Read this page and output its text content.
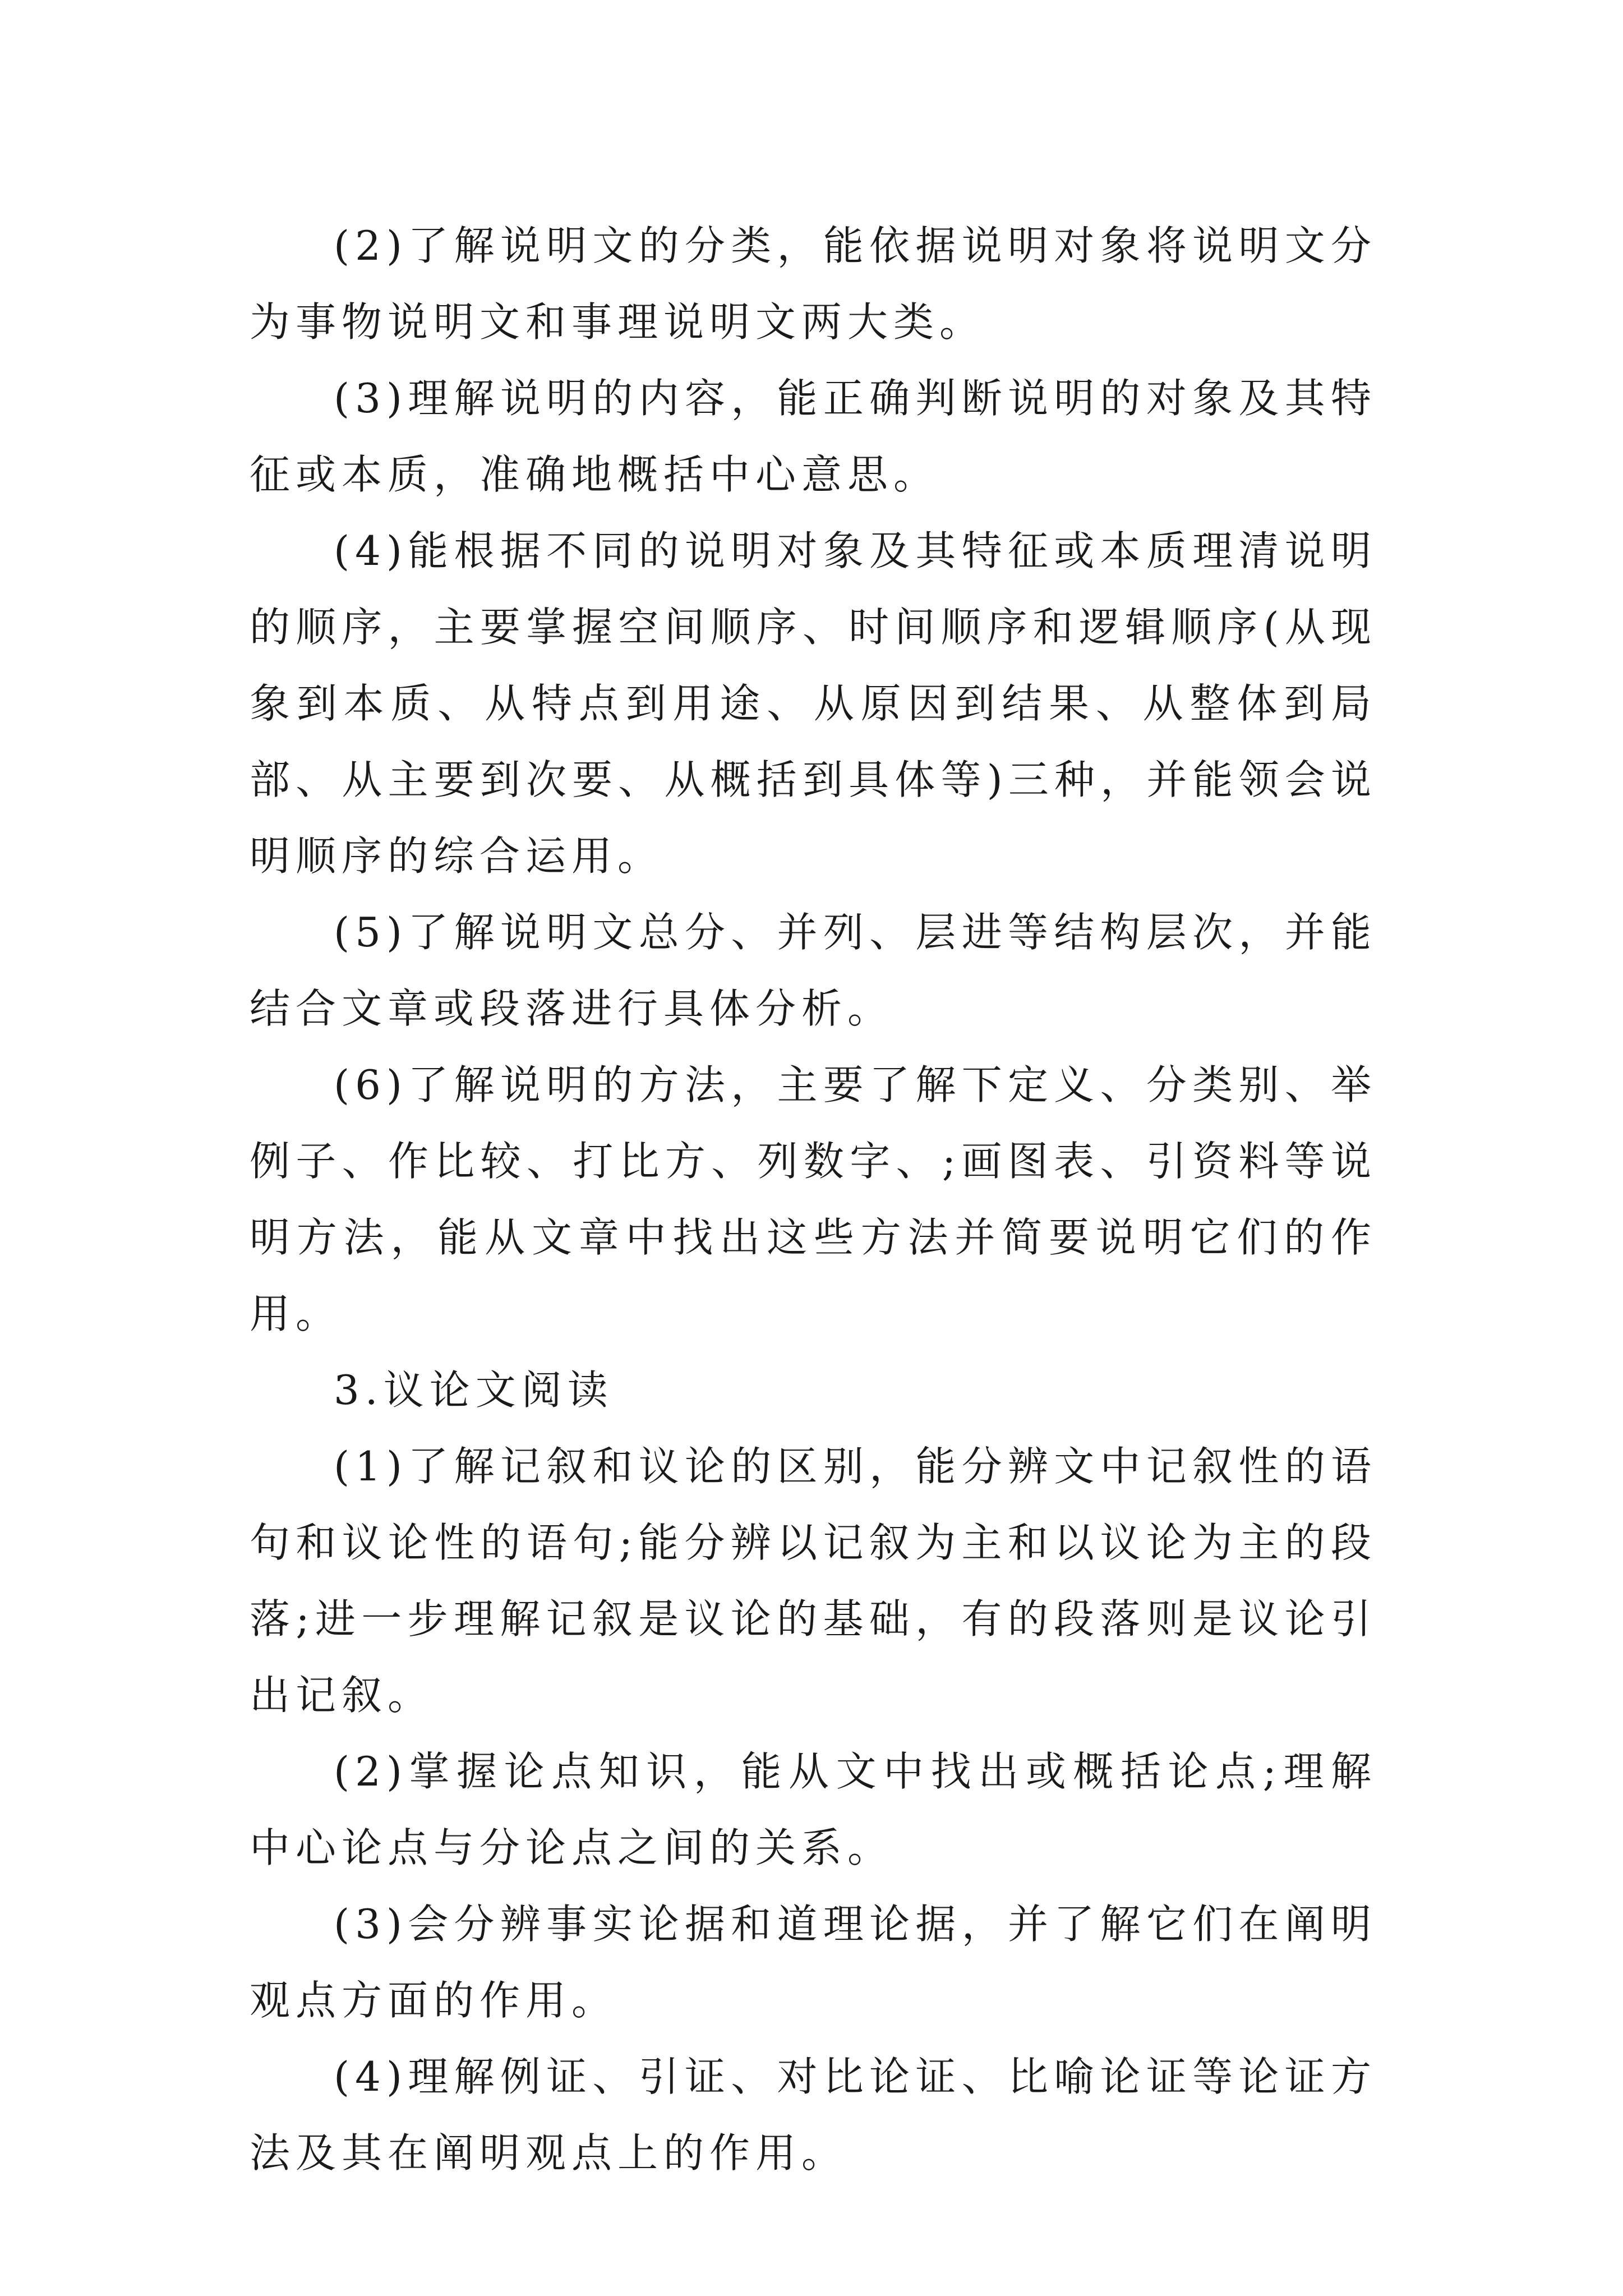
(2)了解说明文的分类，能依据说明对象将说明文分为事物说明文和事理说明文两大类。

(3)理解说明的内容，能正确判断说明的对象及其特征或本质，准确地概括中心意思。

(4)能根据不同的说明对象及其特征或本质理清说明的顺序，主要掌握空间顺序、时间顺序和逻辑顺序(从现象到本质、从特点到用途、从原因到结果、从整体到局部、从主要到次要、从概括到具体等)三种，并能领会说明顺序的综合运用。

(5)了解说明文总分、并列、层进等结构层次，并能结合文章或段落进行具体分析。

(6)了解说明的方法，主要了解下定义、分类别、举例子、作比较、打比方、列数字、;画图表、引资料等说明方法，能从文章中找出这些方法并简要说明它们的作用。

3.议论文阅读

(1)了解记叙和议论的区别，能分辨文中记叙性的语句和议论性的语句;能分辨以记叙为主和以议论为主的段落;进一步理解记叙是议论的基础，有的段落则是议论引出记叙。

(2)掌握论点知识，能从文中找出或概括论点;理解中心论点与分论点之间的关系。

(3)会分辨事实论据和道理论据，并了解它们在阐明观点方面的作用。

(4)理解例证、引证、对比论证、比喻论证等论证方法及其在阐明观点上的作用。
